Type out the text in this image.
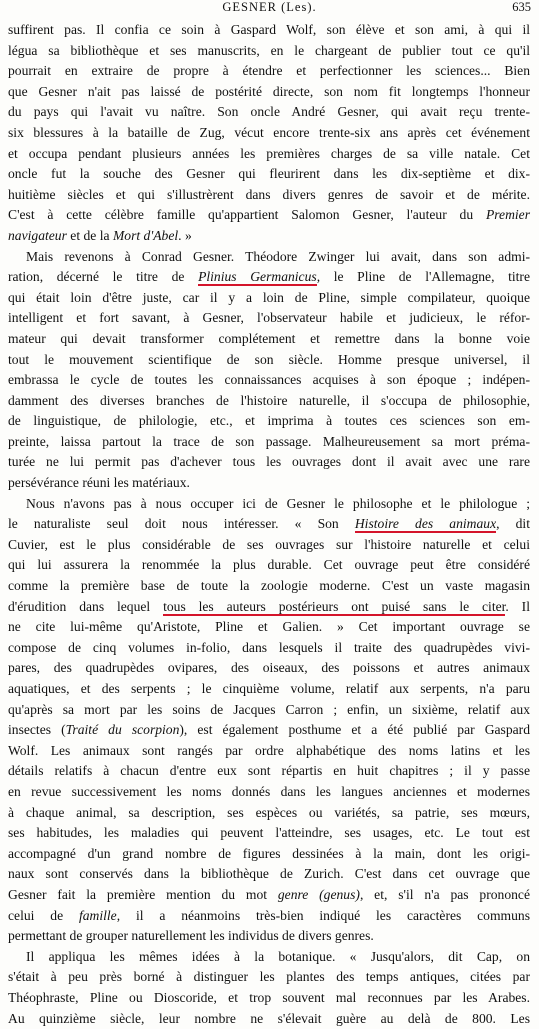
GESNER (Les).	635
suffirent pas. Il confia ce soin à Gaspard Wolf, son élève et son ami, à qui il
légua sa bibliothèque et ses manuscrits, en le chargeant de publier tout ce qu'il
pourrait en extraire de propre à étendre et perfectionner les sciences... Bien
que Gesner n'ait pas laissé de postérité directe, son nom fit longtemps l'honneur
du pays qui l'avait vu naître. Son oncle André Gesner, qui avait reçu trente-
six blessures à la bataille de Zug, vécut encore trente-six ans après cet événement
et occupa pendant plusieurs années les premières charges de sa ville natale. Cet
oncle fut la souche des Gesner qui fleurirent dans les dix-septième et dix-
huitième siècles et qui s'illustrèrent dans divers genres de savoir et de mérite.
C'est à cette célèbre famille qu'appartient Salomon Gesner, l'auteur du Premier
navigateur et de la Mort d'Abel. »
Mais revenons à Conrad Gesner. Théodore Zwinger lui avait, dans son admi-
ration, décerné le titre de Plinius Germanicus, le Pline de l'Allemagne, titre
qui était loin d'être juste, car il y a loin de Pline, simple compilateur, quoique
intelligent et fort savant, à Gesner, l'observateur habile et judicieux, le réfor-
mateur qui devait transformer complétement et remettre dans la bonne voie
tout le mouvement scientifique de son siècle. Homme presque universel, il
embrassa le cycle de toutes les connaissances acquises à son époque ; indépen-
damment des diverses branches de l'histoire naturelle, il s'occupa de philosophie,
de linguistique, de philologie, etc., et imprima à toutes ces sciences son em-
preinte, laissa partout la trace de son passage. Malheureusement sa mort préma-
turée ne lui permit pas d'achever tous les ouvrages dont il avait avec une rare
persévérance réuni les matériaux.
Nous n'avons pas à nous occuper ici de Gesner le philosophe et le philologue ;
le naturaliste seul doit nous intéresser. « Son Histoire des animaux, dit
Cuvier, est le plus considérable de ses ouvrages sur l'histoire naturelle et celui
qui lui assurera la renommée la plus durable. Cet ouvrage peut être considéré
comme la première base de toute la zoologie moderne. C'est un vaste magasin
d'érudition dans lequel tous les auteurs postérieurs ont puisé sans le citer. Il
ne cite lui-même qu'Aristote, Pline et Galien. » Cet important ouvrage se
compose de cinq volumes in-folio, dans lesquels il traite des quadrupèdes vivi-
pares, des quadrupèdes ovipares, des oiseaux, des poissons et autres animaux
aquatiques, et des serpents ; le cinquième volume, relatif aux serpents, n'a paru
qu'après sa mort par les soins de Jacques Carron ; enfin, un sixième, relatif aux
insectes (Traité du scorpion), est également posthume et a été publié par Gaspard
Wolf. Les animaux sont rangés par ordre alphabétique des noms latins et les
détails relatifs à chacun d'entre eux sont répartis en huit chapitres ; il y passe
en revue successivement les noms donnés dans les langues anciennes et modernes
à chaque animal, sa description, ses espèces ou variétés, sa patrie, ses mœurs,
ses habitudes, les maladies qui peuvent l'atteindre, ses usages, etc. Le tout est
accompagné d'un grand nombre de figures dessinées à la main, dont les origi-
naux sont conservés dans la bibliothèque de Zurich. C'est dans cet ouvrage que
Gesner fait la première mention du mot genre (genus), et, s'il n'a pas prononcé
celui de famille, il a néanmoins très-bien indiqué les caractères communs
permettant de grouper naturellement les individus de divers genres.
Il appliqua les mêmes idées à la botanique. « Jusqu'alors, dit Cap, on
s'était à peu près borné à distinguer les plantes des temps antiques, citées par
Théophraste, Pline ou Dioscoride, et trop souvent mal reconnues par les Arabes.
Au quinzième siècle, leur nombre ne s'élevait guère au delà de 800. Les
